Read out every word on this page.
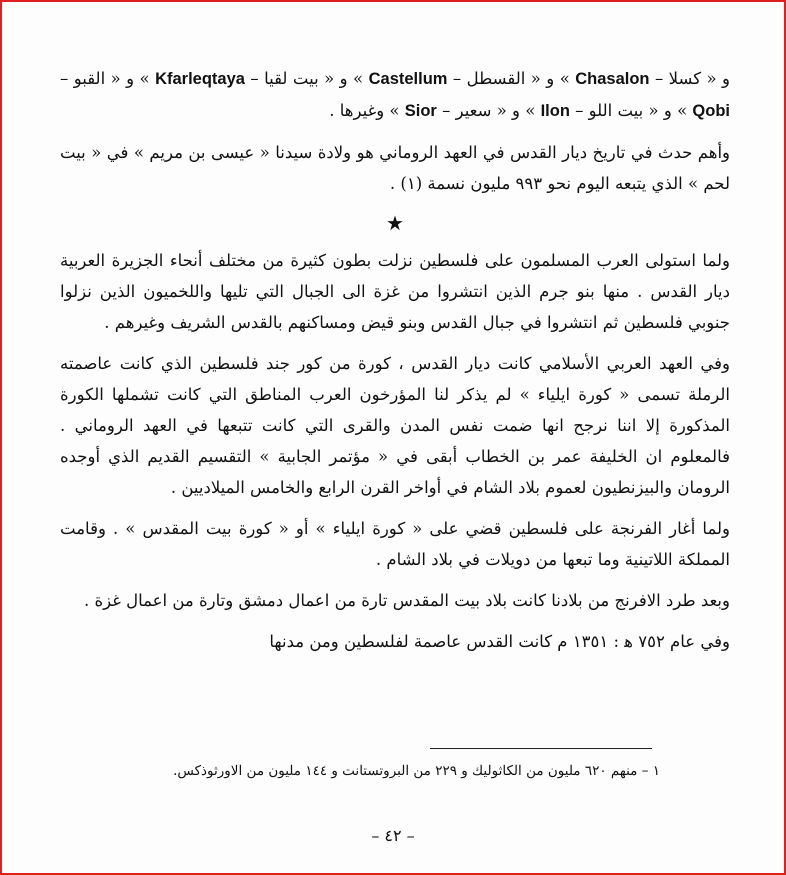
و « كسلا – Chasalon » و « القسطل – Castellum » و « بيت لقيا – Kfarleqtaya » و « القبو – Qobi » و « بيت اللو – Ilon » و « سعير – Sior » وغيرها .

وأهم حدث في تاريخ ديار القدس في العهد الروماني هو ولادة سيدنا « عيسى بن مريم » في « بيت لحم » الذي يتبعه اليوم نحو ٩٩٣ مليون نسمة (١) .

★

ولما استولى العرب المسلمون على فلسطين نزلت بطون كثيرة من مختلف أنحاء الجزيرة العربية ديار القدس . منها بنو جرم الذين انتشروا من غزة الى الجبال التي تليها واللخميون الذين نزلوا جنوبي فلسطين ثم انتشروا في جبال القدس وبنو قيض ومساكنهم بالقدس الشريف وغيرهم .

وفي العهد العربي الأسلامي كانت ديار القدس ، كورة من كور جند فلسطين الذي كانت عاصمته الرملة تسمى « كورة ايلياء » لم يذكر لنا المؤرخون العرب المناطق التي كانت تشملها الكورة المذكورة إلا اننا نرجح انها ضمت نفس المدن والقرى التي كانت تتبعها في العهد الروماني . فالمعلوم ان الخليفة عمر بن الخطاب أبقى في « مؤتمر الجابية » التقسيم القديم الذي أوجده الرومان والبيزنطيون لعموم بلاد الشام في أواخر القرن الرابع والخامس الميلاديين .

ولما أغار الفرنجة على فلسطين قضي على « كورة ايلياء » أو « كورة بيت المقدس » . وقامت المملكة اللاتينية وما تبعها من دويلات في بلاد الشام .

وبعد طرد الافرنج من بلادنا كانت بلاد بيت المقدس تارة من اعمال دمشق وتارة من اعمال غزة .

وفي عام ٧٥٢ ﻫ : ١٣٥١ م كانت القدس عاصمة لفلسطين ومن مدنها

١ – منهم ٦٢٠ مليون من الكاثوليك و ٢٢٩ من البروتستانت و ١٤٤ مليون من الاورثوذكس.
– ٤٢ –
